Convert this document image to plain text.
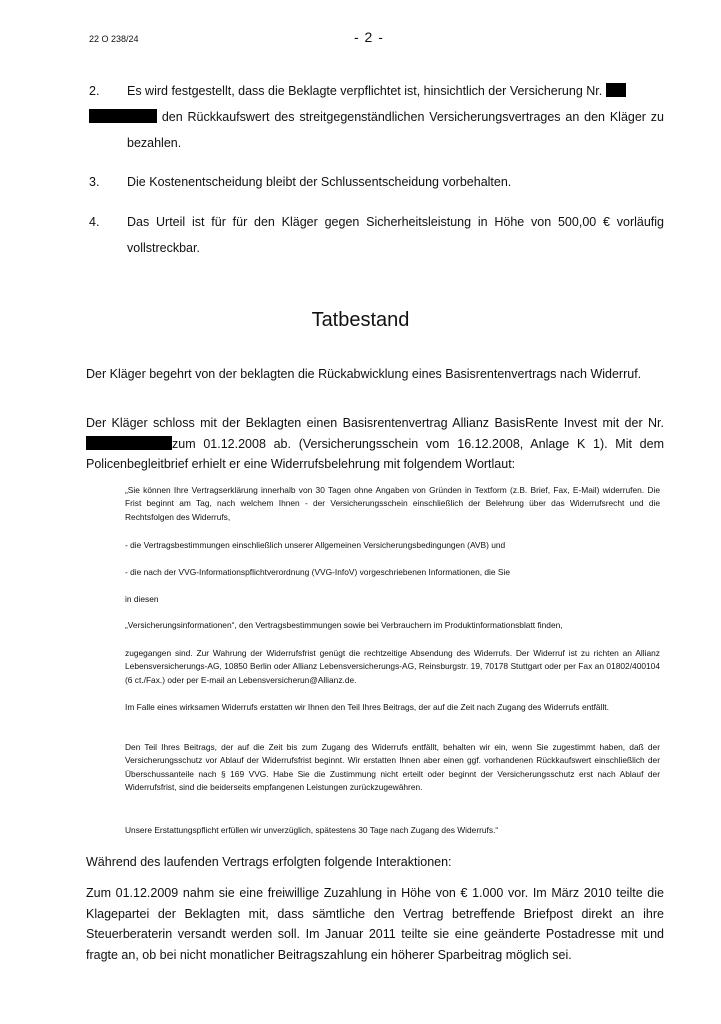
22 O 238/24	- 2 -
2. Es wird festgestellt, dass die Beklagte verpflichtet ist, hinsichtlich der Versicherung Nr.
den Rückkaufswert des streitgegenständlichen Versicherungsvertrages an den Kläger zu bezahlen.
3. Die Kostenentscheidung bleibt der Schlussentscheidung vorbehalten.
4. Das Urteil ist für für den Kläger gegen Sicherheitsleistung in Höhe von 500,00 € vorläufig vollstreckbar.
Tatbestand
Der Kläger begehrt von der beklagten die Rückabwicklung eines Basisrentenvertrags nach Widerruf.
Der Kläger schloss mit der Beklagten einen Basisrentenvertrag Allianz BasisRente Invest mit der Nr.zum 01.12.2008 ab. (Versicherungsschein vom 16.12.2008, Anlage K 1). Mit dem Policenbegleitbrief erhielt er eine Widerrufsbelehrung mit folgendem Wortlaut:

„Sie können Ihre Vertragserklärung innerhalb von 30 Tagen ohne Angaben von Gründen in Textform (z.B. Brief, Fax, E-Mail) widerrufen. Die Frist beginnt am Tag, nach welchem Ihnen - der Versicherungsschein einschließlich der Belehrung über das Widerrufsrecht und die Rechtsfolgen des Widerrufs,

- die Vertragsbestimmungen einschließlich unserer Allgemeinen Versicherungsbedingungen (AVB) und

- die nach der VVG-Informationspflichtverordnung (VVG-InfoV) vorgeschriebenen Informationen, die Sie

in diesen

„Versicherungsinformationen“, den Vertragsbestimmungen sowie bei Verbrauchern im Produktinformationsblatt finden,

zugegangen sind. Zur Wahrung der Widerrufsfrist genügt die rechtzeitige Absendung des Widerrufs. Der Widerruf ist zu richten an Allianz Lebensversicherungs-AG, 10850 Berlin oder Allianz Lebensversicherungs-AG, Reinsburgstr. 19, 70178 Stuttgart oder per Fax an 01802/400104 (6 ct./Fax.) oder per E-mail an Lebensversicherun@Allianz.de.

Im Falle eines wirksamen Widerrufs erstatten wir Ihnen den Teil Ihres Beitrags, der auf die Zeit nach Zugang des Widerrufs entfällt.

Den Teil Ihres Beitrags, der auf die Zeit bis zum Zugang des Widerrufs entfällt, behalten wir ein, wenn Sie zugestimmt haben, daß der Versicherungsschutz vor Ablauf der Widerrufsfrist beginnt. Wir erstatten Ihnen aber einen ggf. vorhandenen Rückkaufswert einschließlich der Überschussanteile nach § 169 VVG. Habe Sie die Zustimmung nicht erteilt oder beginnt der Versicherungsschutz erst nach Ablauf der Widerrufsfrist, sind die beiderseits empfangenen Leistungen zurückzugewähren.

Unsere Erstattungspflicht erfüllen wir unverzüglich, spätestens 30 Tage nach Zugang des Widerrufs.“

Während des laufenden Vertrags erfolgten folgende Interaktionen:
Zum 01.12.2009 nahm sie eine freiwillige Zuzahlung in Höhe von € 1.000 vor. Im März 2010 teilte die Klagepartei der Beklagten mit, dass sämtliche den Vertrag betreffende Briefpost direkt an ihre Steuerberaterin versandt werden soll. Im Januar 2011 teilte sie eine geänderte Postadresse mit und fragte an, ob bei nicht monatlicher Beitragszahlung ein höherer Sparbeitrag möglich sei.
